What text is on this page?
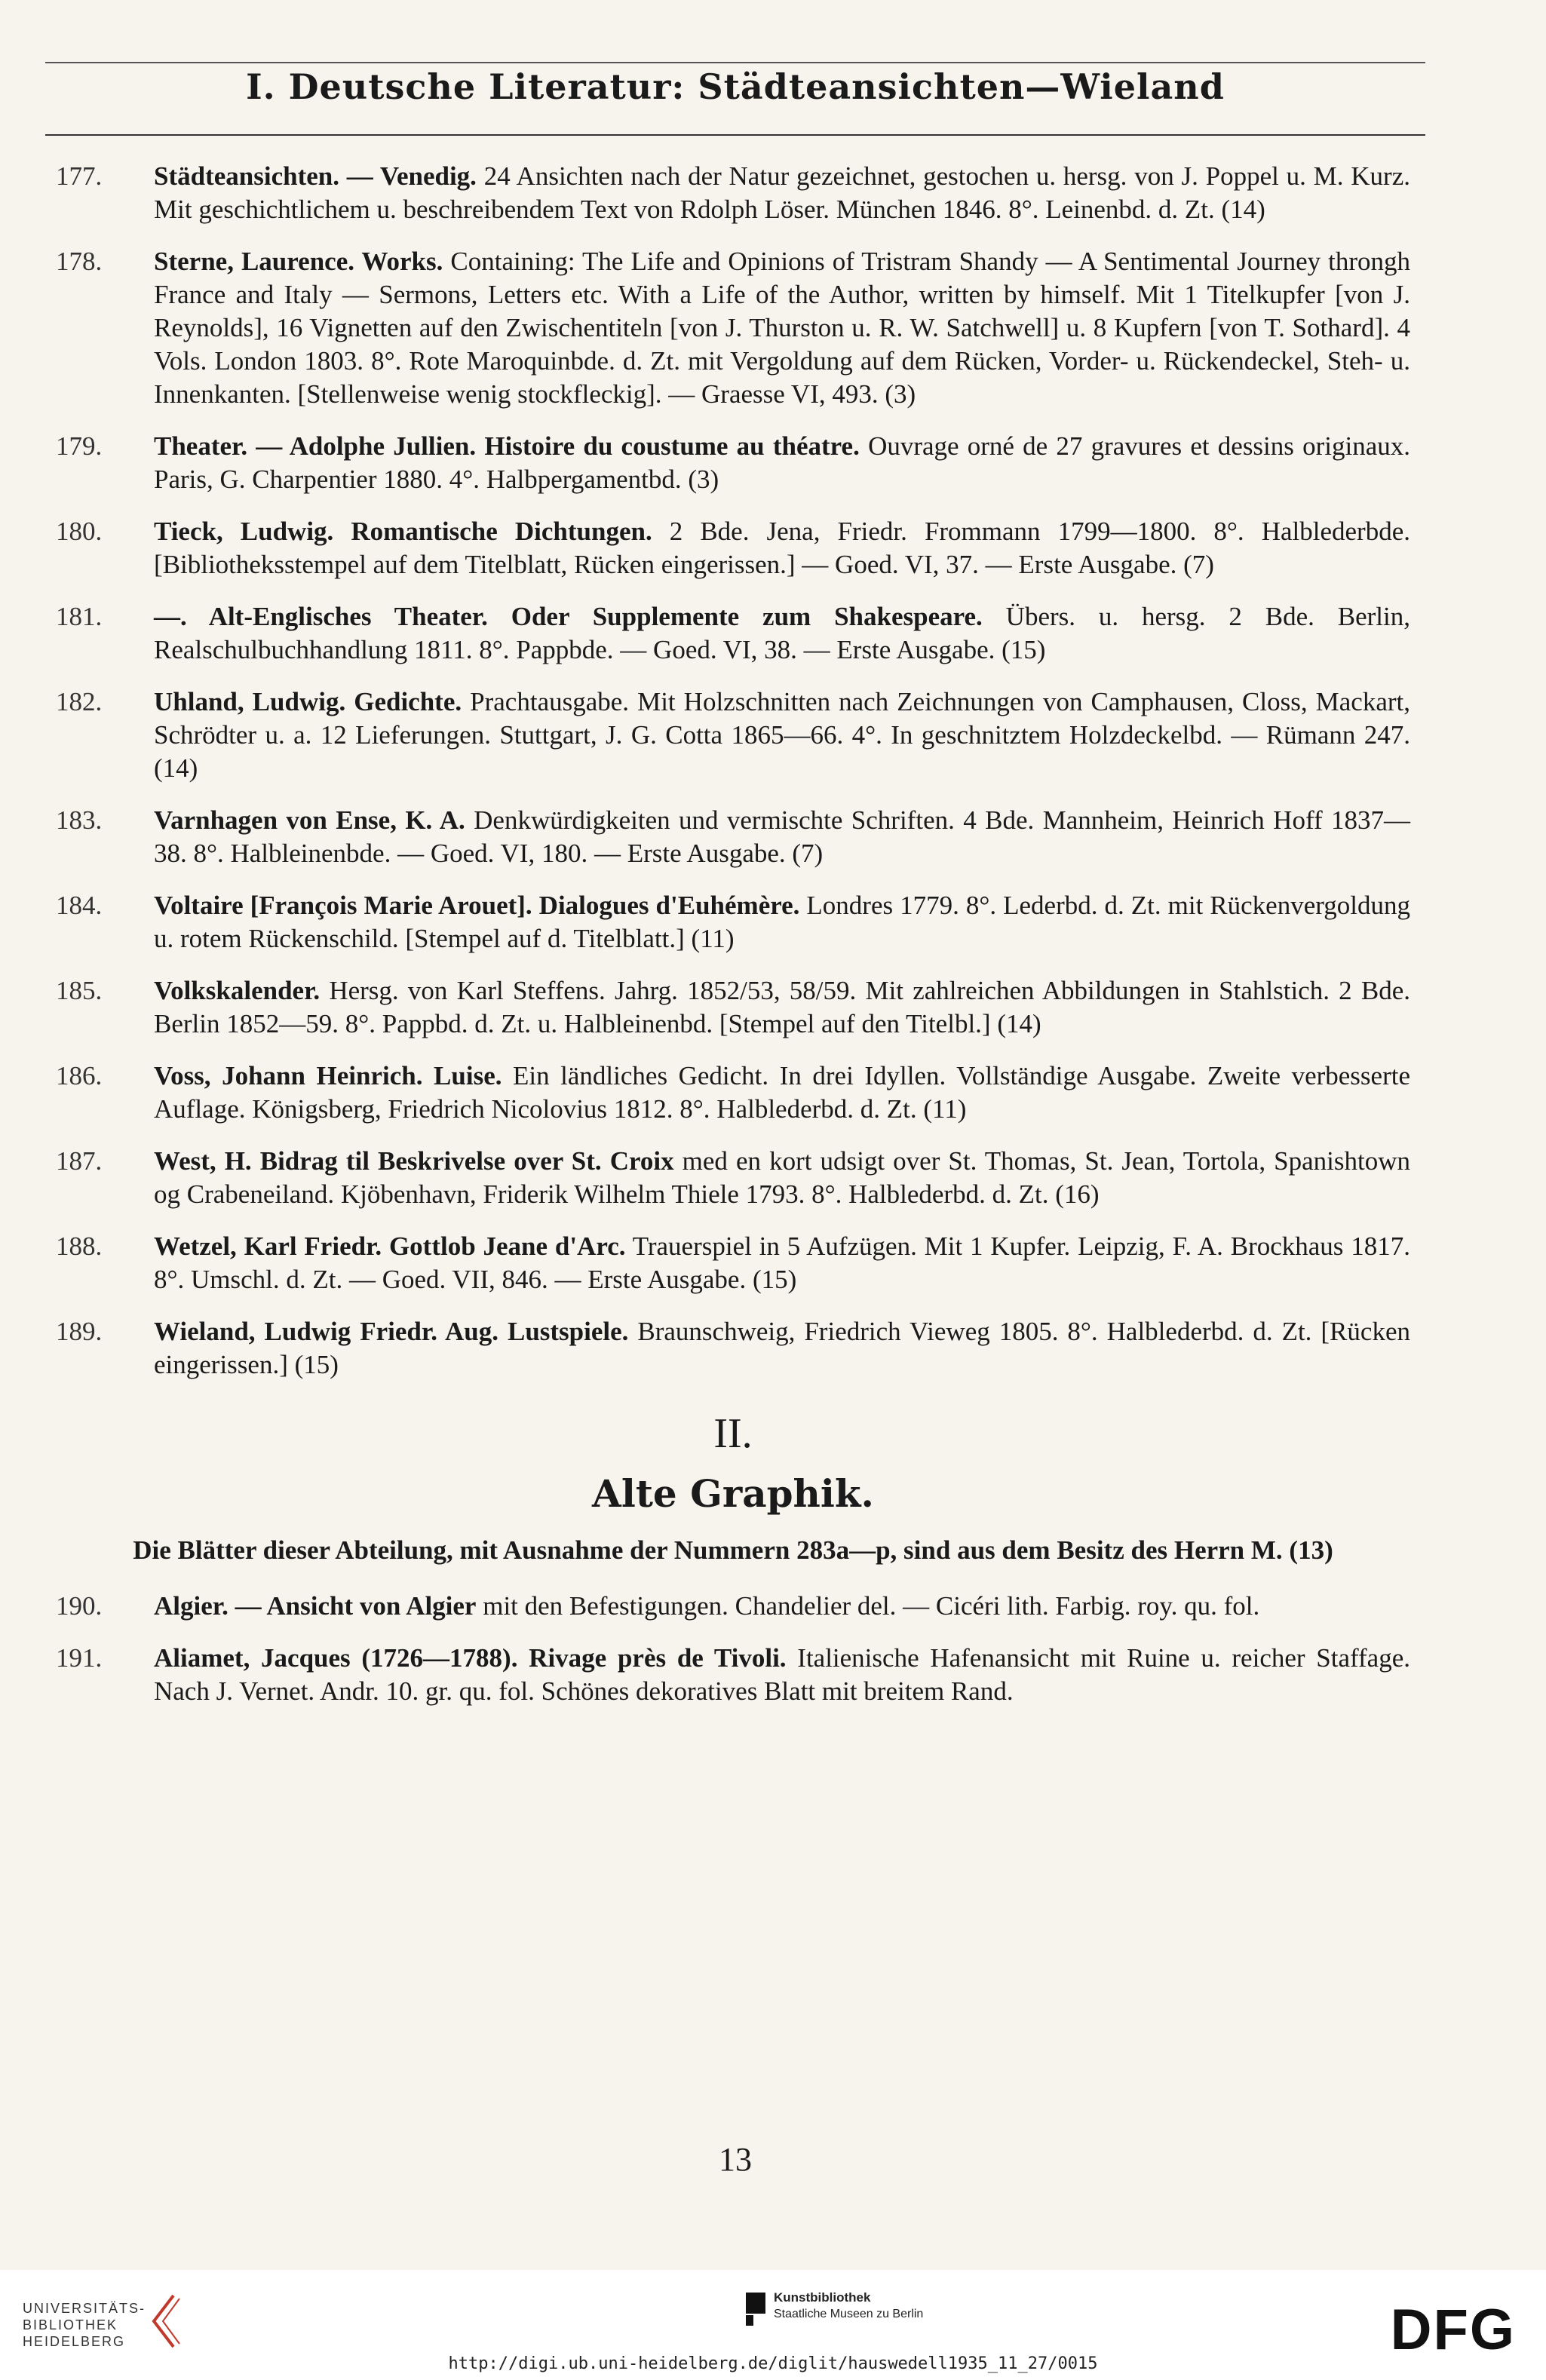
I. Deutsche Literatur: Städteansichten—Wieland
177.	Städteansichten. — Venedig. 24 Ansichten nach der Natur gezeichnet, gestochen u. hersg. von J. Poppel u. M. Kurz. Mit geschichtlichem u. beschreibendem Text von Rdolph Löser. München 1846. 8°. Leinenbd. d. Zt. (14)
178.	Sterne, Laurence. Works. Containing: The Life and Opinions of Tristram Shandy — A Sentimental Journey throngh France and Italy — Sermons, Letters etc. With a Life of the Author, written by himself. Mit 1 Titelkupfer [von J. Reynolds], 16 Vignetten auf den Zwischentiteln [von J. Thurston u. R. W. Satchwell] u. 8 Kupfern [von T. Sothard]. 4 Vols. London 1803. 8°. Rote Maroquinbde. d. Zt. mit Vergoldung auf dem Rücken, Vorder- u. Rückendeckel, Steh- u. Innenkanten. [Stellenweise wenig stockfleckig]. — Graesse VI, 493. (3)
179.	Theater. — Adolphe Jullien. Histoire du coustume au théatre. Ouvrage orné de 27 gravures et dessins originaux. Paris, G. Charpentier 1880. 4°. Halbpergamentbd. (3)
180.	Tieck, Ludwig. Romantische Dichtungen. 2 Bde. Jena, Friedr. Frommann 1799—1800. 8°. Halblederbde. [Bibliotheksstempel auf dem Titelblatt, Rücken eingerissen.] — Goed. VI, 37. — Erste Ausgabe. (7)
181.	—. Alt-Englisches Theater. Oder Supplemente zum Shakespeare. Übers. u. hersg. 2 Bde. Berlin, Realschulbuchhandlung 1811. 8°. Pappbde. — Goed. VI, 38. — Erste Ausgabe. (15)
182.	Uhland, Ludwig. Gedichte. Prachtausgabe. Mit Holzschnitten nach Zeichnungen von Camphausen, Closs, Mackart, Schrödter u. a. 12 Lieferungen. Stuttgart, J. G. Cotta 1865—66. 4°. In geschnitztem Holzdeckelbd. — Rümann 247. (14)
183.	Varnhagen von Ense, K. A. Denkwürdigkeiten und vermischte Schriften. 4 Bde. Mannheim, Heinrich Hoff 1837—38. 8°. Halbleinenbde. — Goed. VI, 180. — Erste Ausgabe. (7)
184.	Voltaire [François Marie Arouet]. Dialogues d'Euhémère. Londres 1779. 8°. Lederbd. d. Zt. mit Rückenvergoldung u. rotem Rückenschild. [Stempel auf d. Titelblatt.] (11)
185.	Volkskalender. Hersg. von Karl Steffens. Jahrg. 1852/53, 58/59. Mit zahlreichen Abbildungen in Stahlstich. 2 Bde. Berlin 1852—59. 8°. Pappbd. d. Zt. u. Halbleinenbd. [Stempel auf den Titelbl.] (14)
186.	Voss, Johann Heinrich. Luise. Ein ländliches Gedicht. In drei Idyllen. Vollständige Ausgabe. Zweite verbesserte Auflage. Königsberg, Friedrich Nicolovius 1812. 8°. Halblederbd. d. Zt. (11)
187.	West, H. Bidrag til Beskrivelse over St. Croix med en kort udsigt over St. Thomas, St. Jean, Tortola, Spanishtown og Crabeneiland. Kjöbenhavn, Friderik Wilhelm Thiele 1793. 8°. Halblederbd. d. Zt. (16)
188.	Wetzel, Karl Friedr. Gottlob Jeane d'Arc. Trauerspiel in 5 Aufzügen. Mit 1 Kupfer. Leipzig, F. A. Brockhaus 1817. 8°. Umschl. d. Zt. — Goed. VII, 846. — Erste Ausgabe. (15)
189.	Wieland, Ludwig Friedr. Aug. Lustspiele. Braunschweig, Friedrich Vieweg 1805. 8°. Halblederbd. d. Zt. [Rücken eingerissen.] (15)
II.
Alte Graphik.
Die Blätter dieser Abteilung, mit Ausnahme der Nummern 283a—p, sind aus dem Besitz des Herrn M. (13)
190.	Algier. — Ansicht von Algier mit den Befestigungen. Chandelier del. — Cicéri lith. Farbig. roy. qu. fol.
191.	Aliamet, Jacques (1726—1788). Rivage près de Tivoli. Italienische Hafenansicht mit Ruine u. reicher Staffage. Nach J. Vernet. Andr. 10. gr. qu. fol. Schönes dekoratives Blatt mit breitem Rand.
13
UNIVERSITÄTS-
BIBLIOTHEK
HEIDELBERG
Kunstbibliothek
Staatliche Museen zu Berlin	DFG
http://digi.ub.uni-heidelberg.de/diglit/hauswedell1935_11_27/0015
